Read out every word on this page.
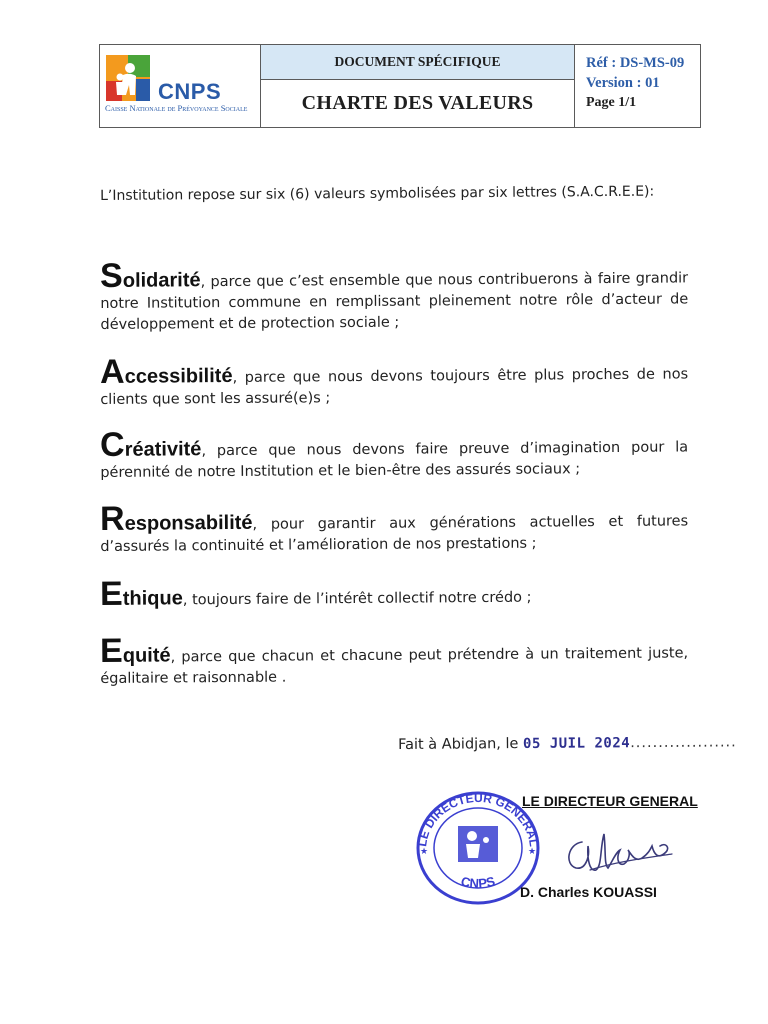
CNPS
Caisse Nationale de Prévoyance Sociale
DOCUMENT SPÉCIFIQUE
CHARTE DES VALEURS
Réf : DS-MS-09
Version : 01
Page 1/1
L’Institution repose sur six (6) valeurs symbolisées par six lettres (S.A.C.R.E.E):
Solidarité, parce que c’est ensemble que nous contribuerons à faire grandir notre Institution commune en remplissant pleinement notre rôle d’acteur de développement et de protection sociale ;
Accessibilité, parce que nous devons toujours être plus proches de nos clients que sont les assuré(e)s ;
Créativité, parce que nous devons faire preuve d’imagination pour la pérennité de notre Institution et le bien-être des assurés sociaux ;
Responsabilité, pour garantir aux générations actuelles et futures d’assurés la continuité et l’amélioration de nos prestations ;
Ethique, toujours faire de l’intérêt collectif notre crédo ;
Equité, parce que chacun et chacune peut prétendre à un traitement juste, égalitaire et raisonnable .
Fait à Abidjan, le 05 JUIL 2024...................
LE DIRECTEUR GENERAL
CNPS
★	★
LE DIRECTEUR GENERAL
D. Charles KOUASSI
